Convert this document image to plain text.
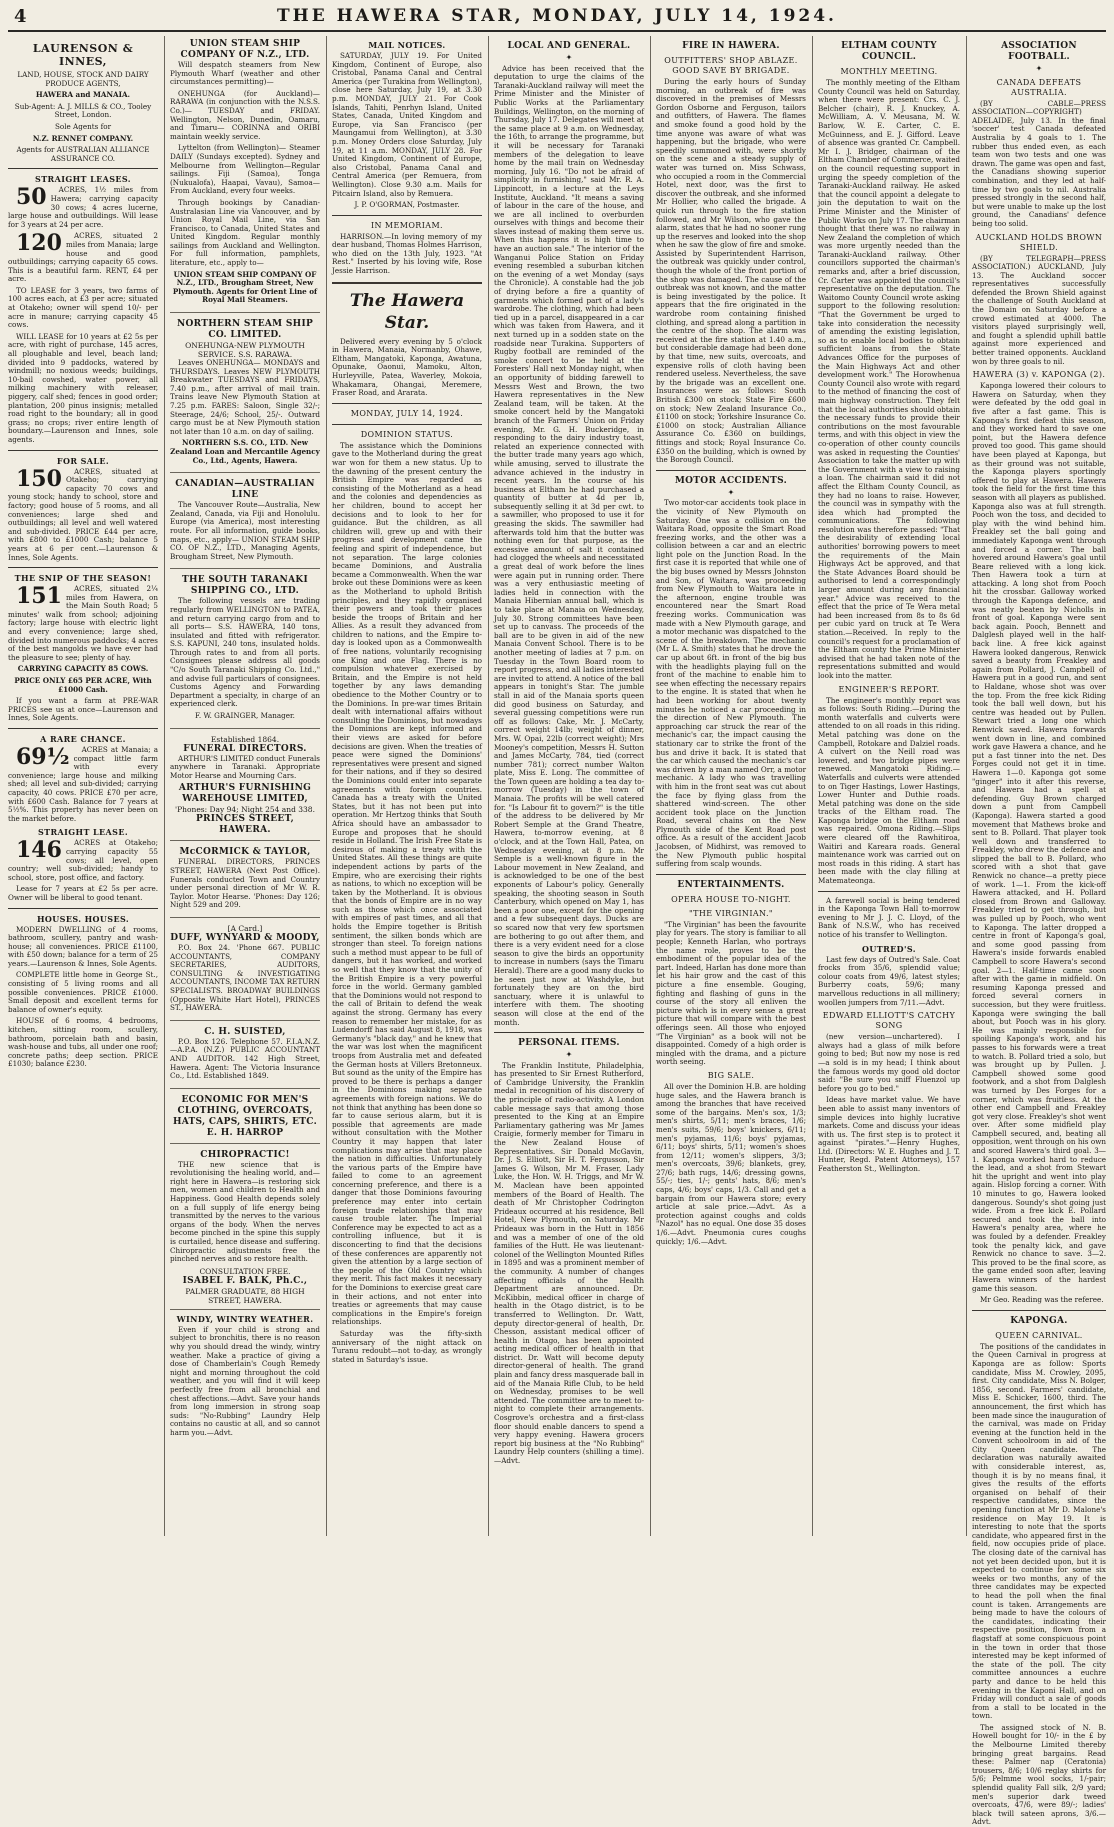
4	THE HAWERA STAR, MONDAY, JULY 14, 1924.
LAURENSON & INNES,

LAND, HOUSE, STOCK AND DAIRY PRODUCE AGENTS,

HAWERA and MANAIA.

Sub-Agent: A. J. MILLS & CO., Tooley Street, London.

Sole Agents for

N.Z. RENNET COMPANY.

Agents for AUSTRALIAN ALLIANCE ASSURANCE CO.

STRAIGHT LEASES.

50 ACRES, 1½ miles from Hawera; carrying capacity 30 cows; 4 acres lucerne, large house and outbuildings. Will lease for 3 years at 24 per acre.

120 ACRES, situated 2 miles from Manaia; large house and good outbuildings; carrying capacity 65 cows. This is a beautiful farm. RENT, £4 per acre.

TO LEASE for 3 years, two farms of 100 acres each, at £3 per acre; situated at Otakeho; owner will spend 10/- per acre in manure; carrying capacity 45 cows.

WILL LEASE for 10 years at £2 5s per acre, with right of purchase, 145 acres, all ploughable and level, beach land; divided into 9 paddocks, watered by windmill; no noxious weeds; buildings, 10-bail cowshed, water power, all milking machinery with releaser, piggery, calf shed; fences in good order; plantation, 200 pinus insignis; metalled road right to the boundary; all in good grass; no crops; river entire length of boundary.—Laurenson and Innes, sole agents.

FOR SALE.

150 ACRES, situated at Otakeho; carrying capacity 70 cows and young stock; handy to school, store and factory; good house of 5 rooms, and all conveniences; large shed and outbuildings; all level and well watered and sub-divided. PRICE £44 per acre, with £800 to £1000 Cash; balance 5 years at 6 per cent.—Laurenson & Innes, Sole Agents.

THE SNIP OF THE SEASON!

151 ACRES, situated 2¼ miles from Hawera, on the Main South Road; 5 minutes' walk from school; adjoining factory; large house with electric light and every convenience; large shed, divided into numerous paddocks; 4 acres of the best mangolds we have ever had the pleasure to see; plenty of hay.

CARRYING CAPACITY 85 COWS.

PRICE ONLY £65 PER ACRE, With £1000 Cash.

If you want a farm at PRE-WAR PRICES see us at once—Laurenson and Innes, Sole Agents.

A RARE CHANCE.

69½ ACRES at Manaia; a compact little farm with every convenience; large house and milking shed; all level and sub-divided; carrying capacity, 40 cows. PRICE £70 per acre, with £600 Cash. Balance for 7 years at 5½%. This property has never been on the market before.

STRAIGHT LEASE.

146 ACRES at Otakeho; carrying capacity 55 cows; all level, open country; well sub-divided; handy to school, store, post office, and factory.

Lease for 7 years at £2 5s per acre. Owner will be liberal to good tenant.

HOUSES. HOUSES.

MODERN DWELLING of 4 rooms, bathroom, scullery, pantry and wash-house; all conveniences. PRICE £1100, with £50 down; balance for a term of 25 years.—Laurenson & Innes, Sole Agents.

COMPLETE little home in George St., consisting of 5 living rooms and all possible conveniences. PRICE £1000. Small deposit and excellent terms for balance of owner's equity.

HOUSE of 6 rooms, 4 bedrooms, kitchen, sitting room, scullery, bathroom, porcelain bath and basin, wash-house and tubs, all under one roof; concrete paths; deep section. PRICE £1030; balance £230.

UNION STEAM SHIP COMPANY OF N.Z., LTD.

Will despatch steamers from New Plymouth Wharf (weather and other circumstances permitting)—

ONEHUNGA (for Auckland)— RARAWA (in conjunction with the N.S.S. Co.)— TUESDAY and FRIDAY. Wellington, Nelson, Dunedin, Oamaru, and Timaru— CORINNA and ORIBI maintain weekly service.

Lyttelton (from Wellington)— Steamer DAILY (Sundays excepted). Sydney and Melbourne from Wellington—Regular sailings. Fiji (Samoa), Tonga (Nukualofa), Haapai, Vavau), Samoa— From Auckland, every four weeks.

Through bookings by Canadian-Australasian Line via Vancouver, and by Union Royal Mail Line, via San Francisco, to Canada, United States and United Kingdom. Regular monthly sailings from Auckland and Wellington. For full information, pamphlets, literature, etc., apply to—

UNION STEAM SHIP COMPANY OF N.Z., LTD., Brougham Street, New Plymouth. Agents for Orient Line of Royal Mail Steamers.

NORTHERN STEAM SHIP CO. LIMITED.
ONEHUNGA-NEW PLYMOUTH SERVICE. S.S. RARAWA.

Leaves ONEHUNGA— MONDAYS and THURSDAYS. Leaves NEW PLYMOUTH Breakwater TUESDAYS and FRIDAYS, 7.40 p.m., after arrival of mail train. Trains leave New Plymouth Station at 7.25 p.m. FARES: Saloon, Single 32/-; Steerage, 24/6; School, 25/-. Outward cargo must be at New Plymouth station not later than 10 a.m. on day of sailing.

NORTHERN S.S. CO., LTD. New Zealand Loan and Mercantile Agency Co., Ltd., Agents, Hawera.

CANADIAN—AUSTRALIAN LINE

The Vancouver Route—Australia, New Zealand, Canada, via Fiji and Honolulu. Europe (via America), most interesting route. For all information, guide books, maps, etc., apply— UNION STEAM SHIP CO. OF N.Z., LTD., Managing Agents, Brougham Street, New Plymouth.

THE SOUTH TARANAKI SHIPPING CO., LTD.

The following vessels are trading regularly from WELLINGTON to PATEA, and return carrying cargo from and to all ports— S.S. HAWERA, 140 tons, insulated and fitted with refrigerator. S.S. KAPUNI, 240 tons, insulated holds. Through rates to and from all ports. Consignees please address all goods "C/o South Taranaki Shipping Co. Ltd.," and advise full particulars of consignees. Customs Agency and Forwarding Department a specialty, in charge of an experienced clerk.

F. W. GRAINGER, Manager.

Established 1864.
FUNERAL DIRECTORS.

ARTHUR'S LIMITED conduct Funerals anywhere in Taranaki. Appropriate Motor Hearse and Mourning Cars.

ARTHUR'S FURNISHING WAREHOUSE LIMITED,
'Phones: Day 94; Night 254 and 338.
PRINCES STREET, HAWERA.
McCORMICK & TAYLOR,

FUNERAL DIRECTORS, PRINCES STREET, HAWERA (Next Post Office). Funerals conducted Town and Country under personal direction of Mr W. R. Taylor. Motor Hearse. 'Phones: Day 126; Night 529 and 209.

[A Card.]
DUFF, WYNYARD & MOODY,

P.O. Box 24. 'Phone 667. PUBLIC ACCOUNTANTS, COMPANY SECRETARIES, AUDITORS, CONSULTING & INVESTIGATING ACCOUNTANTS, INCOME TAX RETURN SPECIALISTS. BROADWAY BUILDINGS (Opposite White Hart Hotel), PRINCES ST., HAWERA.

C. H. SUISTED,

P.O. Box 126. Telephone 57. F.I.A.N.Z.—A.P.A. (N.Z.) PUBLIC ACCOUNTANT AND AUDITOR. 142 High Street, Hawera. Agent: The Victoria Insurance Co., Ltd. Established 1849.

ECONOMIC FOR MEN'S CLOTHING, OVERCOATS, HATS, CAPS, SHIRTS, ETC.
E. H. HARROP
CHIROPRACTIC!

THE new science that is revolutionising the healing world, and—right here in Hawera—is restoring sick men, women and children to Health and Happiness. Good Health depends solely on a full supply of life energy being transmitted by the nerves to the various organs of the body. When the nerves become pinched in the spine this supply is curtailed, hence disease and suffering. Chiropractic adjustments free the pinched nerves and so restore health.

CONSULTATION FREE.
ISABEL F. BALK, Ph.C.,
PALMER GRADUATE, 88 HIGH STREET, HAWERA.
WINDY, WINTRY WEATHER.

Even if your child is strong and subject to bronchitis, there is no reason why you should dread the windy, wintry weather. Make a practice of giving a dose of Chamberlain's Cough Remedy night and morning throughout the cold weather, and you will find it will keep perfectly free from all bronchial and chest affections.—Advt. Save your hands from long immersion in strong soap suds: "No-Rubbing" Laundry Help contains no caustic at all, and so cannot harm you.—Advt.

MAIL NOTICES.

SATURDAY, JULY 19. For United Kingdom, Continent of Europe, also Cristobal, Panama Canal and Central America (per Turakina from Wellington), close here Saturday, July 19, at 3.30 p.m. MONDAY, JULY 21. For Cook Islands, Tahiti, Penrhyn Island, United States, Canada, United Kingdom and Europe, via San Francisco (per Maungamui from Wellington), at 3.30 p.m. Money Orders close Saturday, July 19, at 11 a.m. MONDAY, JULY 28. For United Kingdom, Continent of Europe, also Cristobal, Panama Canal and Central America (per Remuera, from Wellington). Close 9.30 a.m. Mails for Pitcairn Island, also by Remuera.

J. P. O'GORMAN, Postmaster.

IN MEMORIAM.

HARRISON.—In loving memory of my dear husband, Thomas Holmes Harrison, who died on the 13th July, 1923. "At Rest." Inserted by his loving wife, Rose Jessie Harrison.

The Hawera Star.

Delivered every evening by 5 o'clock in Hawera, Manaia, Normanby, Ohawe, Eltham, Mangatoki, Kaponga, Awatuna, Opunake, Oaonui, Mamoku, Alton, Hurleyville, Patea, Waverley, Mokoia, Whakamara, Ohangai, Meremere, Fraser Road, and Ararata.

MONDAY, JULY 14, 1924.
DOMINION STATUS.

The assistance which the Dominions gave to the Motherland during the great war won for them a new status. Up to the dawning of the present century the British Empire was regarded as consisting of the Motherland as a head and the colonies and dependencies as her children, bound to accept her decisions and to look to her for guidance. But the children, as all children will, grew up and with their progress and development came the feeling and spirit of independence, but not separation. The large colonies became Dominions, and Australia became a Commonwealth. When the war broke out these Dominions were as keen as the Motherland to uphold British principles, and they rapidly organised their powers and took their places beside the troops of Britain and her Allies. As a result they advanced from children to nations, and the Empire to-day is looked upon as a Commonwealth of free nations, voluntarily recognising one King and one Flag. There is no compulsion whatever exercised by Britain, and the Empire is not held together by any laws demanding obedience to the Mother Country or to the Dominions. In pre-war times Britain dealt with international affairs without consulting the Dominions, but nowadays the Dominions are kept informed and their views are asked for before decisions are given. When the treaties of peace were signed the Dominions' representatives were present and signed for their nations, and if they so desired the Dominions could enter into separate agreements with foreign countries. Canada has a treaty with the United States, but it has not been put into operation. Mr Hertzog thinks that South Africa should have an ambassador to Europe and proposes that he should reside in Holland. The Irish Free State is desirous of making a treaty with the United States. All these things are quite independent actions by parts of the Empire, who are exercising their rights as nations, to which no exception will be taken by the Motherland. It is obvious that the bonds of Empire are in no way such as those which once associated with empires of past times, and all that holds the Empire together is British sentiment, the silken bonds which are stronger than steel. To foreign nations such a method must appear to be full of dangers, but it has worked, and worked so well that they know that the unity of the British Empire is a very powerful force in the world. Germany gambled that the Dominions would not respond to the call of Britain to defend the weak against the strong. Germany has every reason to remember her mistake, for as Ludendorff has said August 8, 1918, was Germany's "black day," and he knew that the war was lost when the magnificent troops from Australia met and defeated the German hosts at Villers Bretonneux. But sound as the unity of the Empire has proved to be there is perhaps a danger in the Dominions making separate agreements with foreign nations. We do not think that anything has been done so far to cause serious alarm, but it is possible that agreements are made without consultation with the Mother Country it may happen that later complications may arise that may place the nation in difficulties. Unfortunately the various parts of the Empire have failed to come to an agreement concerning preference, and there is a danger that those Dominions favouring preference may enter into certain foreign trade relationships that may cause trouble later. The Imperial Conference may be expected to act as a controlling influence, but it is disconcerting to find that the decisions of these conferences are apparently not given the attention by a large section of the people of the Old Country which they merit. This fact makes it necessary for the Dominions to exercise great care in their actions, and not enter into treaties or agreements that may cause complications in the Empire's foreign relationships.

Saturday was the fifty-sixth anniversary of the night attack on Turanu redoubt—not to-day, as wrongly stated in Saturday's issue.

LOCAL AND GENERAL.
✦

Advice has been received that the deputation to urge the claims of the Taranaki-Auckland railway will meet the Prime Minister and the Minister of Public Works at the Parliamentary Buildings, Wellington, on the morning of Thursday, July 17. Delegates will meet at the same place at 9 a.m. on Wednesday, the 16th, to arrange the programme, but it will be necessary for Taranaki members of the delegation to leave home by the mail train on Wednesday morning, July 16. "Do not be afraid of simplicity in furnishing," said Mr. R. A. Lippincott, in a lecture at the Leys Institute, Auckland. "It means a saving of labour in the care of the house, and we are all inclined to overburden ourselves with things and become their slaves instead of making them serve us. When this happens it is high time to have an auction sale." The interior of the Wanganui Police Station on Friday evening resembled a suburban kitchen on the evening of a wet Monday (says the Chronicle). A constable had the job of drying before a fire a quantity of garments which formed part of a lady's wardrobe. The clothing, which had been tied up in a parcel, disappeared in a car which was taken from Hawera, and it next turned up in a sodden state on the roadside near Turakina. Supporters of Rugby football are reminded of the smoke concert to be held at the Foresters' Hall next Monday night, when an opportunity of bidding farewell to Messrs West and Brown, the two Hawera representatives in the New Zealand team, will be taken. At the smoke concert held by the Mangatoki branch of the Farmers' Union on Friday evening, Mr. G. H. Buckeridge, in responding to the dairy industry toast, related an experience connected with the butter trade many years ago which, while amusing, served to illustrate the advance achieved in the industry in recent years. In the course of his business at Eltham he had purchased a quantity of butter at 4d per lb, subsequently selling it at 3d per cwt. to a sawmiller, who proposed to use it for greasing the skids. The sawmiller had afterwards told him that the butter was nothing even for that purpose, as the excessive amount of salt it contained had clogged the wheels and necessitated a great deal of work before the lines were again put in running order. There was a very enthusiastic meeting of ladies held in connection with the Manaia Hibernian annual ball, which is to take place at Manaia on Wednesday, July 30. Strong committees have been set up to canvass. The proceeds of the ball are to be given in aid of the new Manaia Convent School. There is to be another meeting of ladies at 7 p.m. on Tuesday in the Town Board room to report progress, and all ladies interested are invited to attend. A notice of the ball appears in tonight's Star. The jumble stall in aid of the Manaia sports queen did good business on Saturday, and several guessing competitions were run off as follows: Cake, Mr. J. McCarty, correct weight 14lb; weight of dinner, Mrs. W. Opai, 22lb (correct weight); Mrs Mooney's competition, Messrs H. Sutton and James McCarty, 784, tied (correct number 781); correct number Walton plate, Miss E. Long. The committee of the Town queen are holding a tea day to-morrow (Tuesday) in the town of Manaia. The profits will be well catered for. "Is Labour fit to govern?" is the title of the address to be delivered by Mr Robert Semple at the Grand Theatre, Hawera, to-morrow evening, at 8 o'clock, and at the Town Hall, Patea, on Wednesday evening, at 8 p.m. Mr Semple is a well-known figure in the Labour movement in New Zealand, and is acknowledged to be one of the best exponents of Labour's policy. Generally speaking, the shooting season in South Canterbury, which opened on May 1, has been a poor one, except for the opening and a few subsequent days. Ducks are so scared now that very few sportsmen are bothering to go out after them, and there is a very evident need for a close season to give the birds an opportunity to increase in numbers (says the Timaru Herald). There are a good many ducks to be seen just now at Washdyke, but fortunately they are on the bird sanctuary, where it is unlawful to interfere with them. The shooting season will close at the end of the month.

PERSONAL ITEMS.
✦

The Franklin Institute, Philadelphia, has presented to Sir Ernest Rutherford, of Cambridge University, the Franklin medal in recognition of his discovery of the principle of radio-activity. A London cable message says that among those presented to the King at an Empire Parliamentary gathering was Mr James Craigie, formerly member for Timaru in the New Zealand House of Representatives. Sir Donald McGavin, Dr. J. S. Elliott, Sir H. T. Fergusson, Sir James G. Wilson, Mr M. Fraser, Lady Luke, the Hon. W. H. Triggs, and Mr W. M. Maclean have been appointed members of the Board of Health. The death of Mr Christopher Codrington Prideaux occurred at his residence, Bell Hotel, New Plymouth, on Saturday. Mr Prideaux was born in the Hutt in 1856 and was a member of one of the old families of the Hutt. He was lieutenant-colonel of the Wellington Mounted Rifles in 1895 and was a prominent member of the community. A number of changes affecting officials of the Health Department are announced. Dr. McKibbin, medical officer in charge of health in the Otago district, is to be transferred to Wellington. Dr. Watt, deputy director-general of health, Dr. Chesson, assistant medical officer of health in Otago, has been appointed acting medical officer of health in that district. Dr. Watt will become deputy director-general of health. The grand plain and fancy dress masquerade ball in aid of the Manaia Rifle Club, to be held on Wednesday, promises to be well attended. The committee are to meet to-night to complete their arrangements. Cosgrove's orchestra and a first-class floor should enable dancers to spend a very happy evening. Hawera grocers report big business at the "No Rubbing" Laundry Help counters (shilling a time).—Advt.

FIRE IN HAWERA.
OUTFITTERS' SHOP ABLAZE. GOOD SAVE BY BRIGADE.

During the early hours of Sunday morning, an outbreak of fire was discovered in the premises of Messrs Gordon Osborne and Ferguson, tailors and outfitters, of Hawera. The flames and smoke found a good hold by the time anyone was aware of what was happening, but the brigade, who were speedily summoned with, were shortly on the scene and a steady supply of water was turned on. Miss Schwass, who occupied a room in the Commercial Hotel, next door, was the first to discover the outbreak, and she informed Mr Hollier, who called the brigade. A quick run through to the fire station followed, and Mr Wilson, who gave the alarm, states that he had no sooner rung up the reserves and looked into the shop when he saw the glow of fire and smoke. Assisted by Superintendent Harrison, the outbreak was quickly under control, though the whole of the front portion of the shop was damaged. The cause of the outbreak was not known, and the matter is being investigated by the police. It appears that the fire originated in the wardrobe room containing finished clothing, and spread along a partition in the centre of the shop. The alarm was received at the fire station at 1.40 a.m., but considerable damage had been done by that time, new suits, overcoats, and expensive rolls of cloth having been rendered useless. Nevertheless, the save by the brigade was an excellent one. Insurances were as follows: South British £300 on stock; State Fire £600 on stock; New Zealand Insurance Co., £1100 on stock; Yorkshire Insurance Co. £1000 on stock; Australian Alliance Assurance Co. £360 on buildings, fittings and stock; Royal Insurance Co. £350 on the building, which is owned by the Borough Council.

MOTOR ACCIDENTS.
✦

Two motor-car accidents took place in the vicinity of New Plymouth on Saturday. One was a collision on the Waitara Road, opposite the Smart Road freezing works, and the other was a collision between a car and an electric light pole on the Junction Road. In the first case it is reported that while one of the big buses owned by Messrs Johnston and Son, of Waitara, was proceeding from New Plymouth to Waitara late in the afternoon, engine trouble was encountered near the Smart Road freezing works. Communication was made with a New Plymouth garage, and a motor mechanic was dispatched to the scene of the breakdown. The mechanic (Mr L. A. Smith) states that he drove the car up about 6ft. in front of the big bus with the headlights playing full on the front of the machine to enable him to see when effecting the necessary repairs to the engine. It is stated that when he had been working for about twenty minutes he noticed a car proceeding in the direction of New Plymouth. The approaching car struck the rear of the mechanic's car, the impact causing the stationary car to strike the front of the bus and drive it back. It is stated that the car which caused the mechanic's car was driven by a man named Orr, a motor mechanic. A lady who was travelling with him in the front seat was cut about the face by flying glass from the shattered wind-screen. The other accident took place on the Junction Road, several chains on the New Plymouth side of the Kent Road post office. As a result of the accident Jacob Jacobsen, of Midhirst, was removed to the New Plymouth public hospital suffering from scalp wounds.

ENTERTAINMENTS.
OPERA HOUSE TO-NIGHT.
"THE VIRGINIAN."

"The Virginian" has been the favourite play for years. The story is familiar to all people; Kenneth Harlan, who portrays the name role, proves to be the embodiment of the popular idea of the part. Indeed, Harlan has done more than let his hair grow and the cast of this picture a fine ensemble. Gouging, fighting and flashing of guns in the course of the story all enliven the picture which is in every sense a great picture that will compare with the best offerings seen. All those who enjoyed "The Virginian" as a book will not be disappointed. Comedy of a high order is mingled with the drama, and a picture worth seeing.

BIG SALE.

All over the Dominion H.B. are holding huge sales, and the Hawera branch is among the branches that have received some of the bargains. Men's sox, 1/3; men's shirts, 5/11; men's braces, 1/6; men's suits, 59/6; boys' knickers, 6/11; men's pyjamas, 11/6; boys' pyjamas, 6/11; boys' shirts, 5/11; women's shoes from 12/11; women's slippers, 3/3; men's overcoats, 39/6; blankets, grey, 27/6; bath rugs, 14/6; dressing gowns, 55/-; ties, 1/-; gents' hats, 8/6; men's caps, 4/6; boys' caps, 1/3. Call and get a bargain from our Hawera store; every article at sale price.—Advt. As a protection against coughs and colds "Nazol" has no equal. One dose 35 doses 1/6.—Advt. Pneumonia cures coughs quickly; 1/6.—Advt.

ELTHAM COUNTY COUNCIL.
MONTHLY MEETING.

The monthly meeting of the Eltham County Council was held on Saturday, when there were present: Crs. C. J. Belcher (chair), R. J. Knuckey, A. McWilliam, A. V. Meusana, M. W. Barlow, W. E. Carter, C. E. McGuinness, and E. J. Gifford. Leave of absence was granted Cr. Campbell. Mr I. J. Bridger, chairman of the Eltham Chamber of Commerce, waited on the council requesting support in urging the speedy completion of the Taranaki-Auckland railway. He asked that the council appoint a delegate to join the deputation to wait on the Prime Minister and the Minister of Public Works on July 17. The chairman thought that there was no railway in New Zealand the completion of which was more urgently needed than the Taranaki-Auckland railway. Other councillors supported the chairman's remarks and, after a brief discussion, Cr. Carter was appointed the council's representative on the deputation. The Waitomo County Council wrote asking support to the following resolution: "That the Government be urged to take into consideration the necessity of amending the existing legislation, so as to enable local bodies to obtain sufficient loans from the State Advances Office for the purposes of the Main Highways Act and other development work." The Horowhenua County Council also wrote with regard to the method of financing the cost of main highway construction. They felt that the local authorities should obtain the necessary funds to provide their contributions on the most favourable terms, and with this object in view the co-operation of other county councils was asked in requesting the Counties' Association to take the matter up with the Government with a view to raising a loan. The chairman said it did not affect the Eltham County Council, as they had no loans to raise. However, the council was in sympathy with the idea which had prompted the communications. The following resolution was therefore passed: "That the desirability of extending local authorities' borrowing powers to meet the requirements of the Main Highways Act be approved, and that the State Advances Board should be authorised to lend a correspondingly larger amount during any financial year." Advice was received to the effect that the price of Te Wera metal had been increased from 8s to 8s 6d per cubic yard on truck at Te Wera station.—Received. In reply to the council's request for a proclamation of the Eltham county the Prime Minister advised that he had taken note of the representations submitted and would look into the matter.

ENGINEER'S REPORT.

The engineer's monthly report was as follows: South Riding.—During the month waterfalls and culverts were attended to on all roads in this riding. Metal patching was done on the Campbell, Rotokare and Dalziel roads. A culvert on the Neill road was lowered, and two bridge pipes were renewed. Mangatoki Riding.—Waterfalls and culverts were attended to on Tiger Hastings, Lower Hastings, Lower Hunter and Duthie roads. Metal patching was done on the side tracks of the Eltham road. The Kaponga bridge on the Eltham road was repaired. Omona Riding.—Slips were cleared off the Rawhitiroa, Waitiri and Kareara roads. General maintenance work was carried out on most roads in this riding. A start has been made with the clay filling at Matemateonga.

A farewell social is being tendered in the Kaponga Town Hall to-morrow evening to Mr J. J. C. Lloyd, of the Bank of N.S.W., who has received notice of his transfer to Wellington.

OUTRED'S.

Last few days of Outred's Sale. Coat frocks from 35/6, splendid value; colour coats from 49/6, latest styles; Burberry coats, 59/6; many marvellous reductions in all millinery; woollen jumpers from 7/11.—Advt.

EDWARD ELLIOTT'S CATCHY SONG

(new version—unchartered). I always had a glass of milk before going to bed; But now my nose is red—a sold is in my head; I think about the famous words my good old doctor said: "Be sure you sniff Fluenzol up before you go to bed."

Ideas have market value. We have been able to assist many inventors of simple devices into highly lucrative markets. Come and discuss your ideas with us. The first step is to protect it against "pirates."—Henry Hughes, Ltd. (Directors: W. E. Hughes and J. T. Hunter, Regd. Patent Attorneys), 157 Featherston St., Wellington.

ASSOCIATION FOOTBALL.
✦
CANADA DEFEATS AUSTRALIA.

(BY CABLE—PRESS ASSOCIATION—COPYRIGHT) ADELAIDE, July 13. In the final 'soccer' test Canada defeated Australia by 4 goals to 1. The rubber thus ended even, as each team won two tests and one was drawn. The game was open and fast, the Canadians showing superior combination, and they led at half-time by two goals to nil. Australia pressed strongly in the second half, but were unable to make up the lost ground, the Canadians' defence being too solid.

AUCKLAND HOLDS BROWN SHIELD.

(BY TELEGRAPH—PRESS ASSOCIATION.) AUCKLAND, July 13. The Auckland soccer representatives successfully defended the Brown Shield against the challenge of South Auckland at the Domain on Saturday before a crowd estimated at 4000. The visitors played surprisingly well, and fought a splendid uphill battle against more experienced and better trained opponents. Auckland won by three goals to nil.

HAWERA (3) v. KAPONGA (2).

Kaponga lowered their colours to Hawera on Saturday, when they were defeated by the odd goal in five after a fast game. This is Kaponga's first defeat this season, and they worked hard to save one point, but the Hawera defence proved too good. This game should have been played at Kaponga, but as their ground was not suitable, the Kaponga players sportingly offered to play at Hawera. Hawera took the field for the first time this season with all players as published. Kaponga also was at full strength. Pooch won the toss, and decided to play with the wind behind him. Freakley set the ball going and immediately Kaponga went through and forced a corner. The ball hovered around Hawera's goal until Beare relieved with a long kick. Then Hawera took a turn at attacking. A long shot from Pooch hit the crossbar. Galloway worked through the Kaponga defence, and was neatly beaten by Nicholls in front of goal. Kaponga were sent back again. Pooch, Bennett and Dalglesh played well in the half-back line. A free kick against Hawera looked dangerous, Renwick saved a beauty from Freakley and again from Pollard, J. Campbell of Hawera put in a good run, and sent to Haldane, whose shot was over the top. From the free kick Riding took the ball well down, but his centre was headed out by Pullen. Stewart tried a long one which Renwick saved. Hawera forwards went down in line, and combined work gave Hawera a chance, and he put a fast tinner into the net. Des Forges could not get it in time. Hawera 1—0. Kaponga got some "ginger" into it after this reverse, and Hawera had a spell at defending. Guy Brown charged down a punt from Campbell (Kaponga). Hawera started a good movement that Mathews broke and sent to B. Pollard. That player took well down and transferred to Freakley, who drew the defence and slipped the ball to B. Pollard, who scored with a shot that gave Renwick no chance—a pretty piece of work. 1—1. From the kick-off Hawera attacked, and H. Pollard closed from Brown and Galloway. Freakley tried to get through, but was pulled up by Pooch, who went to Kaponga. The latter dropped a centre in front of Kaponga's goal, and some good passing from Hawera's inside forwards enabled Campbell to score Hawera's second goal. 2—1. Half-time came soon after with the game in midfield. On resuming Kaponga pressed and forced several corners in succession, but they were fruitless. Kaponga were swinging the ball about, but Pooch was in his glory. He was mainly responsible for spoiling Kaponga's work, and his passes to his forwards were a treat to watch. B. Pollard tried a solo, but was brought up by Pullen. J. Campbell showed some good footwork, and a shot from Dalglesh was turned by Des Forges for a corner, which was fruitless. At the other end Campbell and Freakley got very close. Freakley's shot went over. After some midfield play Campbell secured, and, beating all opposition, went through on his own and scored Hawera's third goal. 3—1. Kaponga worked hard to reduce the lead, and a shot from Stewart hit the upright and went into play again. Hislop forcing a corner. With 10 minutes to go, Hawera looked dangerous. Soundy's shot going just wide. From a free kick E. Pollard secured and took the ball into Hawera's penalty area, where he was fouled by a defender. Freakley took the penalty kick, and gave Renwick no chance to save. 3—2. This proved to be the final score, as the game ended soon after, leaving Hawera winners of the hardest game this season.

Mr Geo. Reading was the referee.

KAPONGA.
QUEEN CARNIVAL.

The positions of the candidates in the Queen Carnival in progress at Kaponga are as follow: Sports candidate, Miss M. Crowley, 2095, first. City candidate, Miss N. Bolger, 1856, second. Farmers' candidate, Miss E. Schicker, 1600, third. The announcement, the first which has been made since the inauguration of the carnival, was made on Friday evening at the function held in the Convent schoolroom in aid of the City Queen candidate. The declaration was naturally awaited with considerable interest, as, though it is by no means final, it gives the results of the efforts organised on behalf of their respective candidates, since the opening function at Mr D. Malone's residence on May 19. It is interesting to note that the sports candidate, who appeared first in the field, now occupies pride of place. The closing date of the carnival has not yet been decided upon, but it is expected to continue for some six weeks or two months, any of the three candidates may be expected to head the poll when the final count is taken. Arrangements are being made to have the colours of the candidates, indicating their respective position, flown from a flagstaff at some conspicuous point in the town in order that those interested may be kept informed of the state of the poll. The city committee announces a euchre party and dance to be held this evening in the Kaponi Hall, and on Friday will conduct a sale of goods from a stall to be located in the town.

The assigned stock of N. B. Howell bought for 10/- in the £ by the Melbourne Limited thereby bringing great bargains. Read these: Palmer nap (Ceratonia) trousers, 8/6; 10/6 reglay shirts for 5/6; Pelmme wool socks, 1/-pair; splendid quality Fall silk, 2/9 yard; men's superior dark tweed overcoats, 47/6, were 89/-; ladies' black twill sateen aprons, 3/6.—Advt.
